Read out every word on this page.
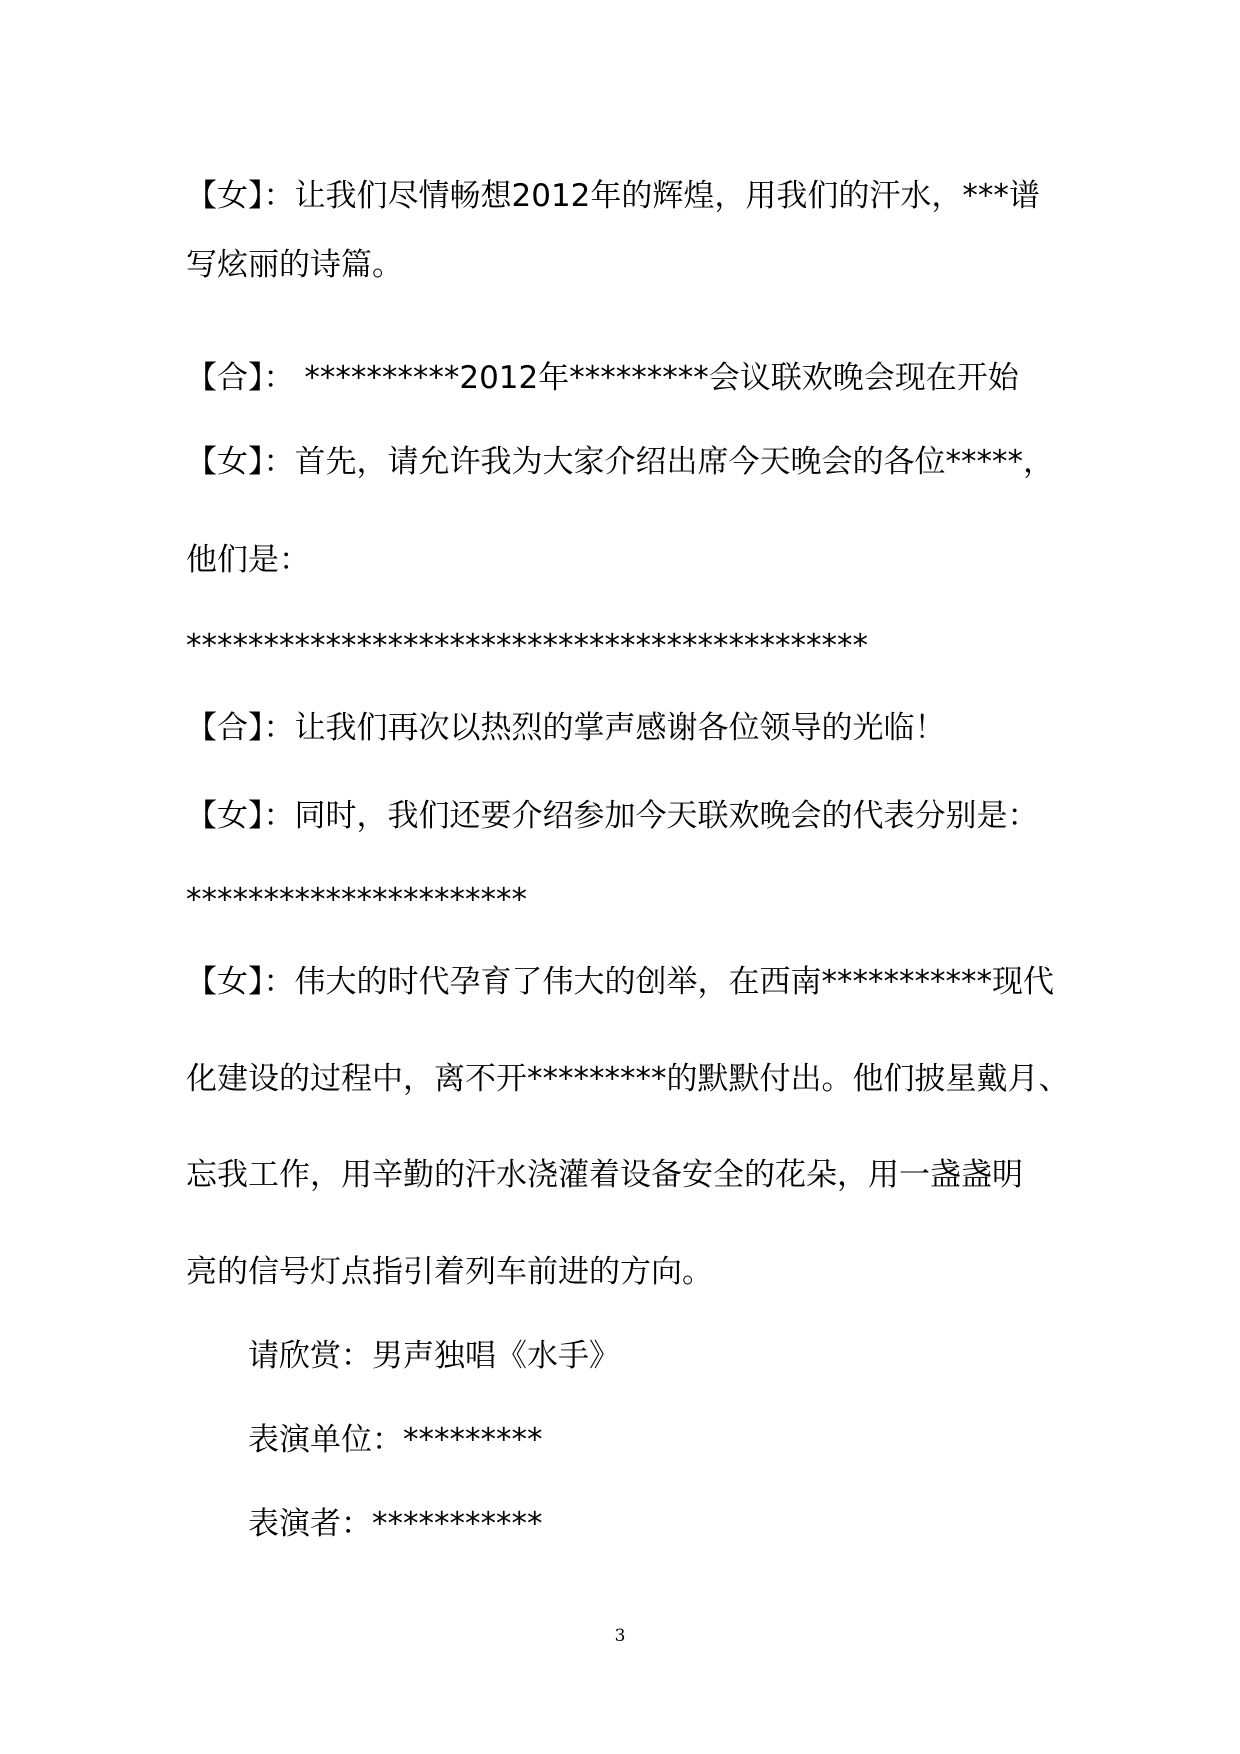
【女】：让我们尽情畅想2012年的辉煌，用我们的汗水，***谱

写炫丽的诗篇。

【合】： **********2012年*********会议联欢晚会现在开始

【女】：首先，请允许我为大家介绍出席今天晚会的各位*****，

他们是：

********************************************

【合】：让我们再次以热烈的掌声感谢各位领导的光临！

【女】：同时，我们还要介绍参加今天联欢晚会的代表分别是：

**********************

【女】：伟大的时代孕育了伟大的创举，在西南***********现代

化建设的过程中，离不开*********的默默付出。他们披星戴月、

忘我工作，用辛勤的汗水浇灌着设备安全的花朵，用一盏盏明

亮的信号灯点指引着列车前进的方向。

请欣赏：男声独唱《水手》

表演单位：*********

表演者：***********

3
